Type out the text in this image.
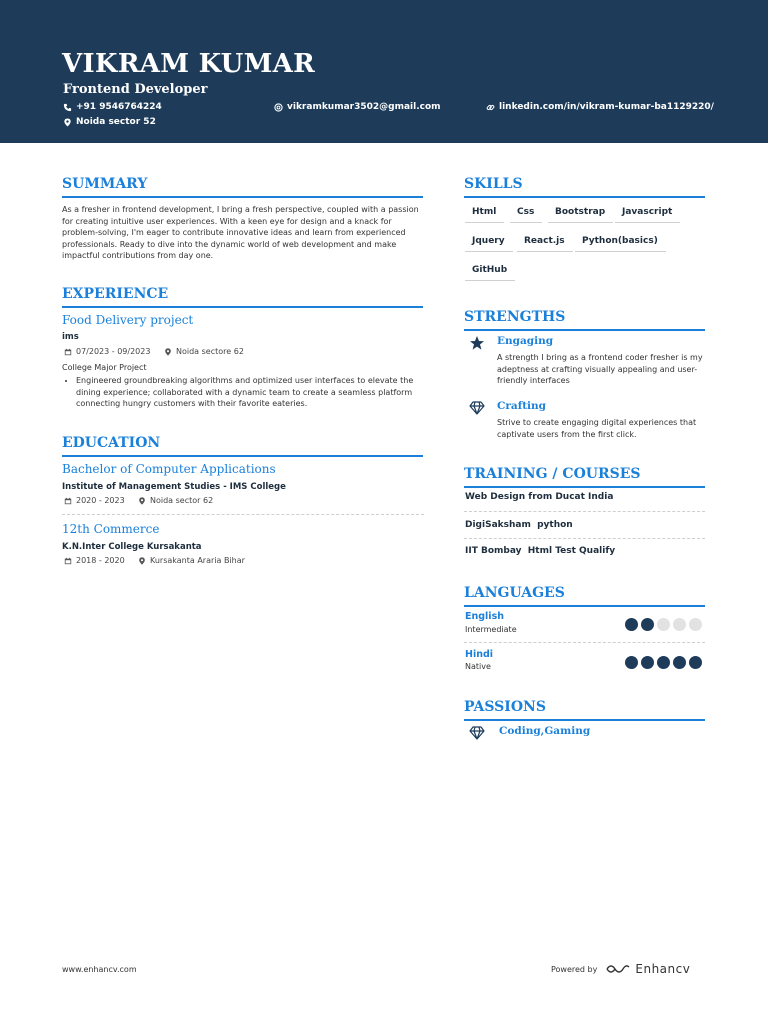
VIKRAM KUMAR
Frontend Developer
+91 9546764224	vikramkumar3502@gmail.com	linkedin.com/in/vikram-kumar-ba1129220/
Noida sector 52
SUMMARY
As a fresher in frontend development, I bring a fresh perspective, coupled with a passion for creating intuitive user experiences. With a keen eye for design and a knack for problem-solving, I'm eager to contribute innovative ideas and learn from experienced professionals. Ready to dive into the dynamic world of web development and make impactful contributions from day one.
EXPERIENCE
Food Delivery project
ims
07/2023 - 09/2023	Noida sectore 62
College Major Project
• Engineered groundbreaking algorithms and optimized user interfaces to elevate the dining experience; collaborated with a dynamic team to create a seamless platform connecting hungry customers with their favorite eateries.
EDUCATION
Bachelor of Computer Applications
Institute of Management Studies - IMS College
2020 - 2023	Noida sector 62
12th Commerce
K.N.Inter College Kursakanta
2018 - 2020	Kursakanta Araria Bihar
SKILLS
Html	Css	Bootstrap	Javascript
Jquery	React.js	Python(basics)
GitHub
STRENGTHS
Engaging
A strength I bring as a frontend coder fresher is my adeptness at crafting visually appealing and user-friendly interfaces
Crafting
Strive to create engaging digital experiences that captivate users from the first click.
TRAINING / COURSES
Web Design from Ducat India
DigiSaksham  python
IIT Bombay  Html Test Qualify
LANGUAGES
English
Intermediate
Hindi
Native
PASSIONS
Coding,Gaming
www.enhancv.com	Powered by	Enhancv
